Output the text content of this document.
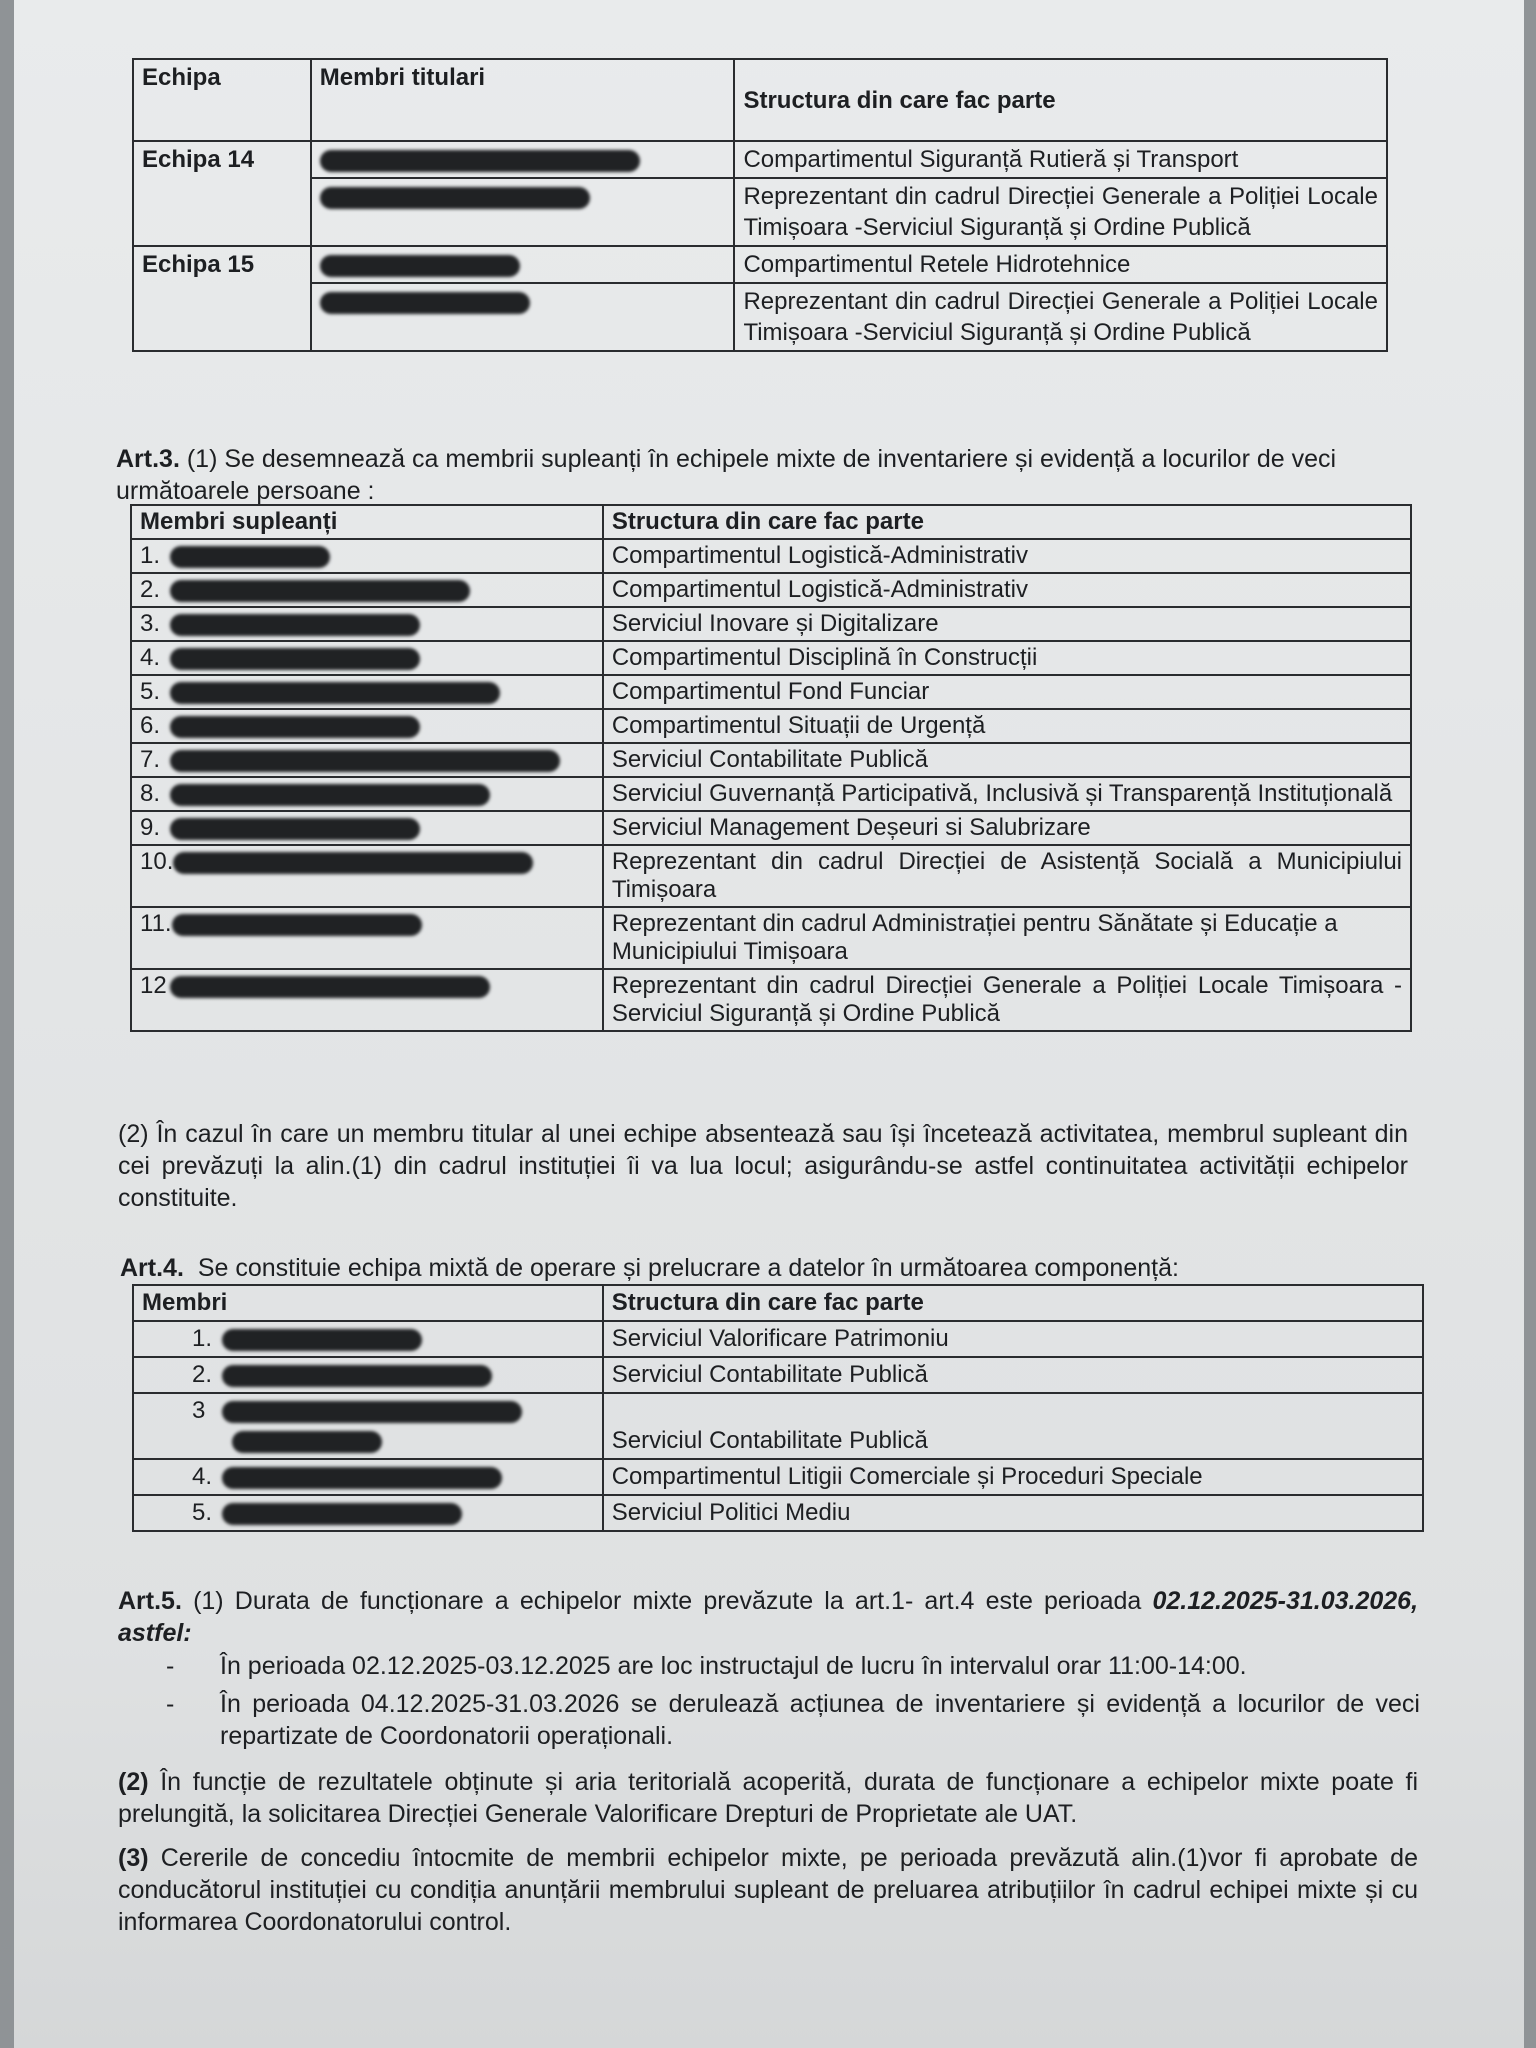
Echipa	Membri titulari	Structura din care fac parte
Echipa 14		Compartimentul Siguranță Rutieră și Transport
		Reprezentant din cadrul Direcției Generale a Poliției Locale Timișoara -Serviciul Siguranță și Ordine Publică
Echipa 15		Compartimentul Retele Hidrotehnice
		Reprezentant din cadrul Direcției Generale a Poliției Locale Timișoara -Serviciul Siguranță și Ordine Publică
Art.3. (1) Se desemnează ca membrii supleanți în echipele mixte de inventariere și evidență a locurilor de veci următoarele persoane :
Membri supleanți	Structura din care fac parte
1.	Compartimentul Logistică-Administrativ
2.	Compartimentul Logistică-Administrativ
3.	Serviciul Inovare și Digitalizare
4.	Compartimentul Disciplină în Construcții
5.	Compartimentul Fond Funciar
6.	Compartimentul Situații de Urgență
7.	Serviciul Contabilitate Publică
8.	Serviciul Guvernanță Participativă, Inclusivă și Transparență Instituțională
9.	Serviciul Management Deșeuri si Salubrizare
10.	Reprezentant din cadrul Direcției de Asistență Socială a Municipiului Timișoara
11.	Reprezentant din cadrul Administrației pentru Sănătate și Educație a Municipiului Timișoara
12	Reprezentant din cadrul Direcției Generale a Poliției Locale Timișoara -Serviciul Siguranță și Ordine Publică
(2) În cazul în care un membru titular al unei echipe absentează sau își încetează activitatea, membrul supleant din cei prevăzuți la alin.(1) din cadrul instituției îi va lua locul; asigurându-se astfel continuitatea activității echipelor constituite.
Art.4. Se constituie echipa mixtă de operare și prelucrare a datelor în următoarea componență:
Membri	Structura din care fac parte
1.	Serviciul Valorificare Patrimoniu
2.	Serviciul Contabilitate Publică
3	Serviciul Contabilitate Publică
4.	Compartimentul Litigii Comerciale și Proceduri Speciale
5.	Serviciul Politici Mediu
Art.5. (1) Durata de funcționare a echipelor mixte prevăzute la art.1- art.4 este perioada 02.12.2025-31.03.2026, astfel:
-	În perioada 02.12.2025-03.12.2025 are loc instructajul de lucru în intervalul orar 11:00-14:00.
-	În perioada 04.12.2025-31.03.2026 se derulează acțiunea de inventariere și evidență a locurilor de veci repartizate de Coordonatorii operaționali.
(2) În funcție de rezultatele obținute și aria teritorială acoperită, durata de funcționare a echipelor mixte poate fi prelungită, la solicitarea Direcției Generale Valorificare Drepturi de Proprietate ale UAT.
(3) Cererile de concediu întocmite de membrii echipelor mixte, pe perioada prevăzută alin.(1)vor fi aprobate de conducătorul instituției cu condiția anunțării membrului supleant de preluarea atribuțiilor în cadrul echipei mixte și cu informarea Coordonatorului control.
